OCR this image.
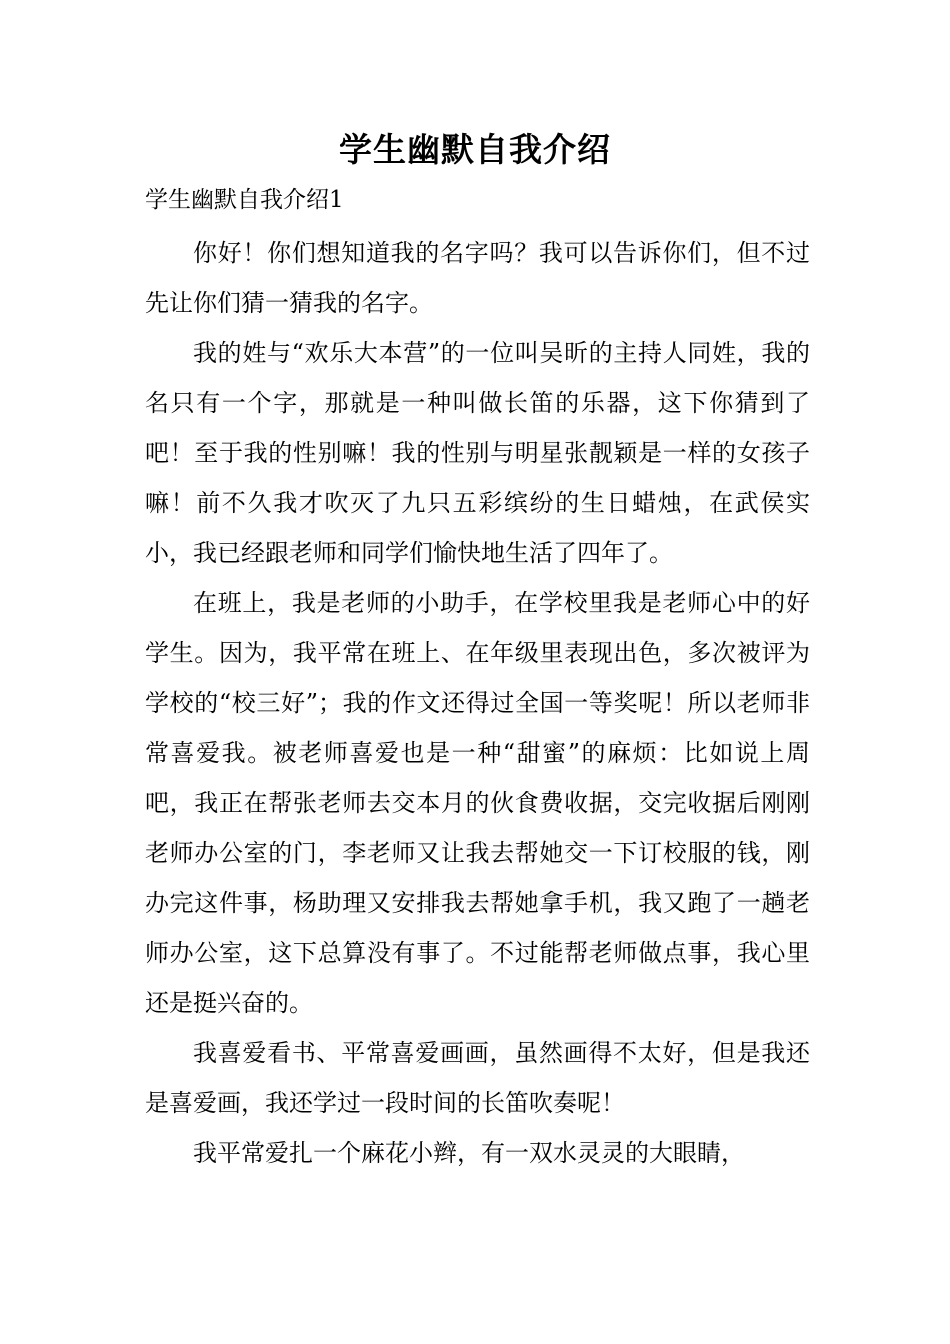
学生幽默自我介绍
学生幽默自我介绍1

你好！你们想知道我的名字吗？我可以告诉你们，但不过先让你们猜一猜我的名字。

我的姓与“欢乐大本营”的一位叫吴昕的主持人同姓，我的名只有一个字，那就是一种叫做长笛的乐器，这下你猜到了吧！至于我的性别嘛！我的性别与明星张靓颖是一样的女孩子嘛！前不久我才吹灭了九只五彩缤纷的生日蜡烛，在武侯实小，我已经跟老师和同学们愉快地生活了四年了。

在班上，我是老师的小助手，在学校里我是老师心中的好学生。因为，我平常在班上、在年级里表现出色，多次被评为学校的“校三好”；我的作文还得过全国一等奖呢！所以老师非常喜爱我。被老师喜爱也是一种“甜蜜”的麻烦：比如说上周吧，我正在帮张老师去交本月的伙食费收据，交完收据后刚刚老师办公室的门，李老师又让我去帮她交一下订校服的钱，刚办完这件事，杨助理又安排我去帮她拿手机，我又跑了一趟老师办公室，这下总算没有事了。不过能帮老师做点事，我心里还是挺兴奋的。

我喜爱看书、平常喜爱画画，虽然画得不太好，但是我还是喜爱画，我还学过一段时间的长笛吹奏呢！

我平常爱扎一个麻花小辫，有一双水灵灵的大眼睛，
